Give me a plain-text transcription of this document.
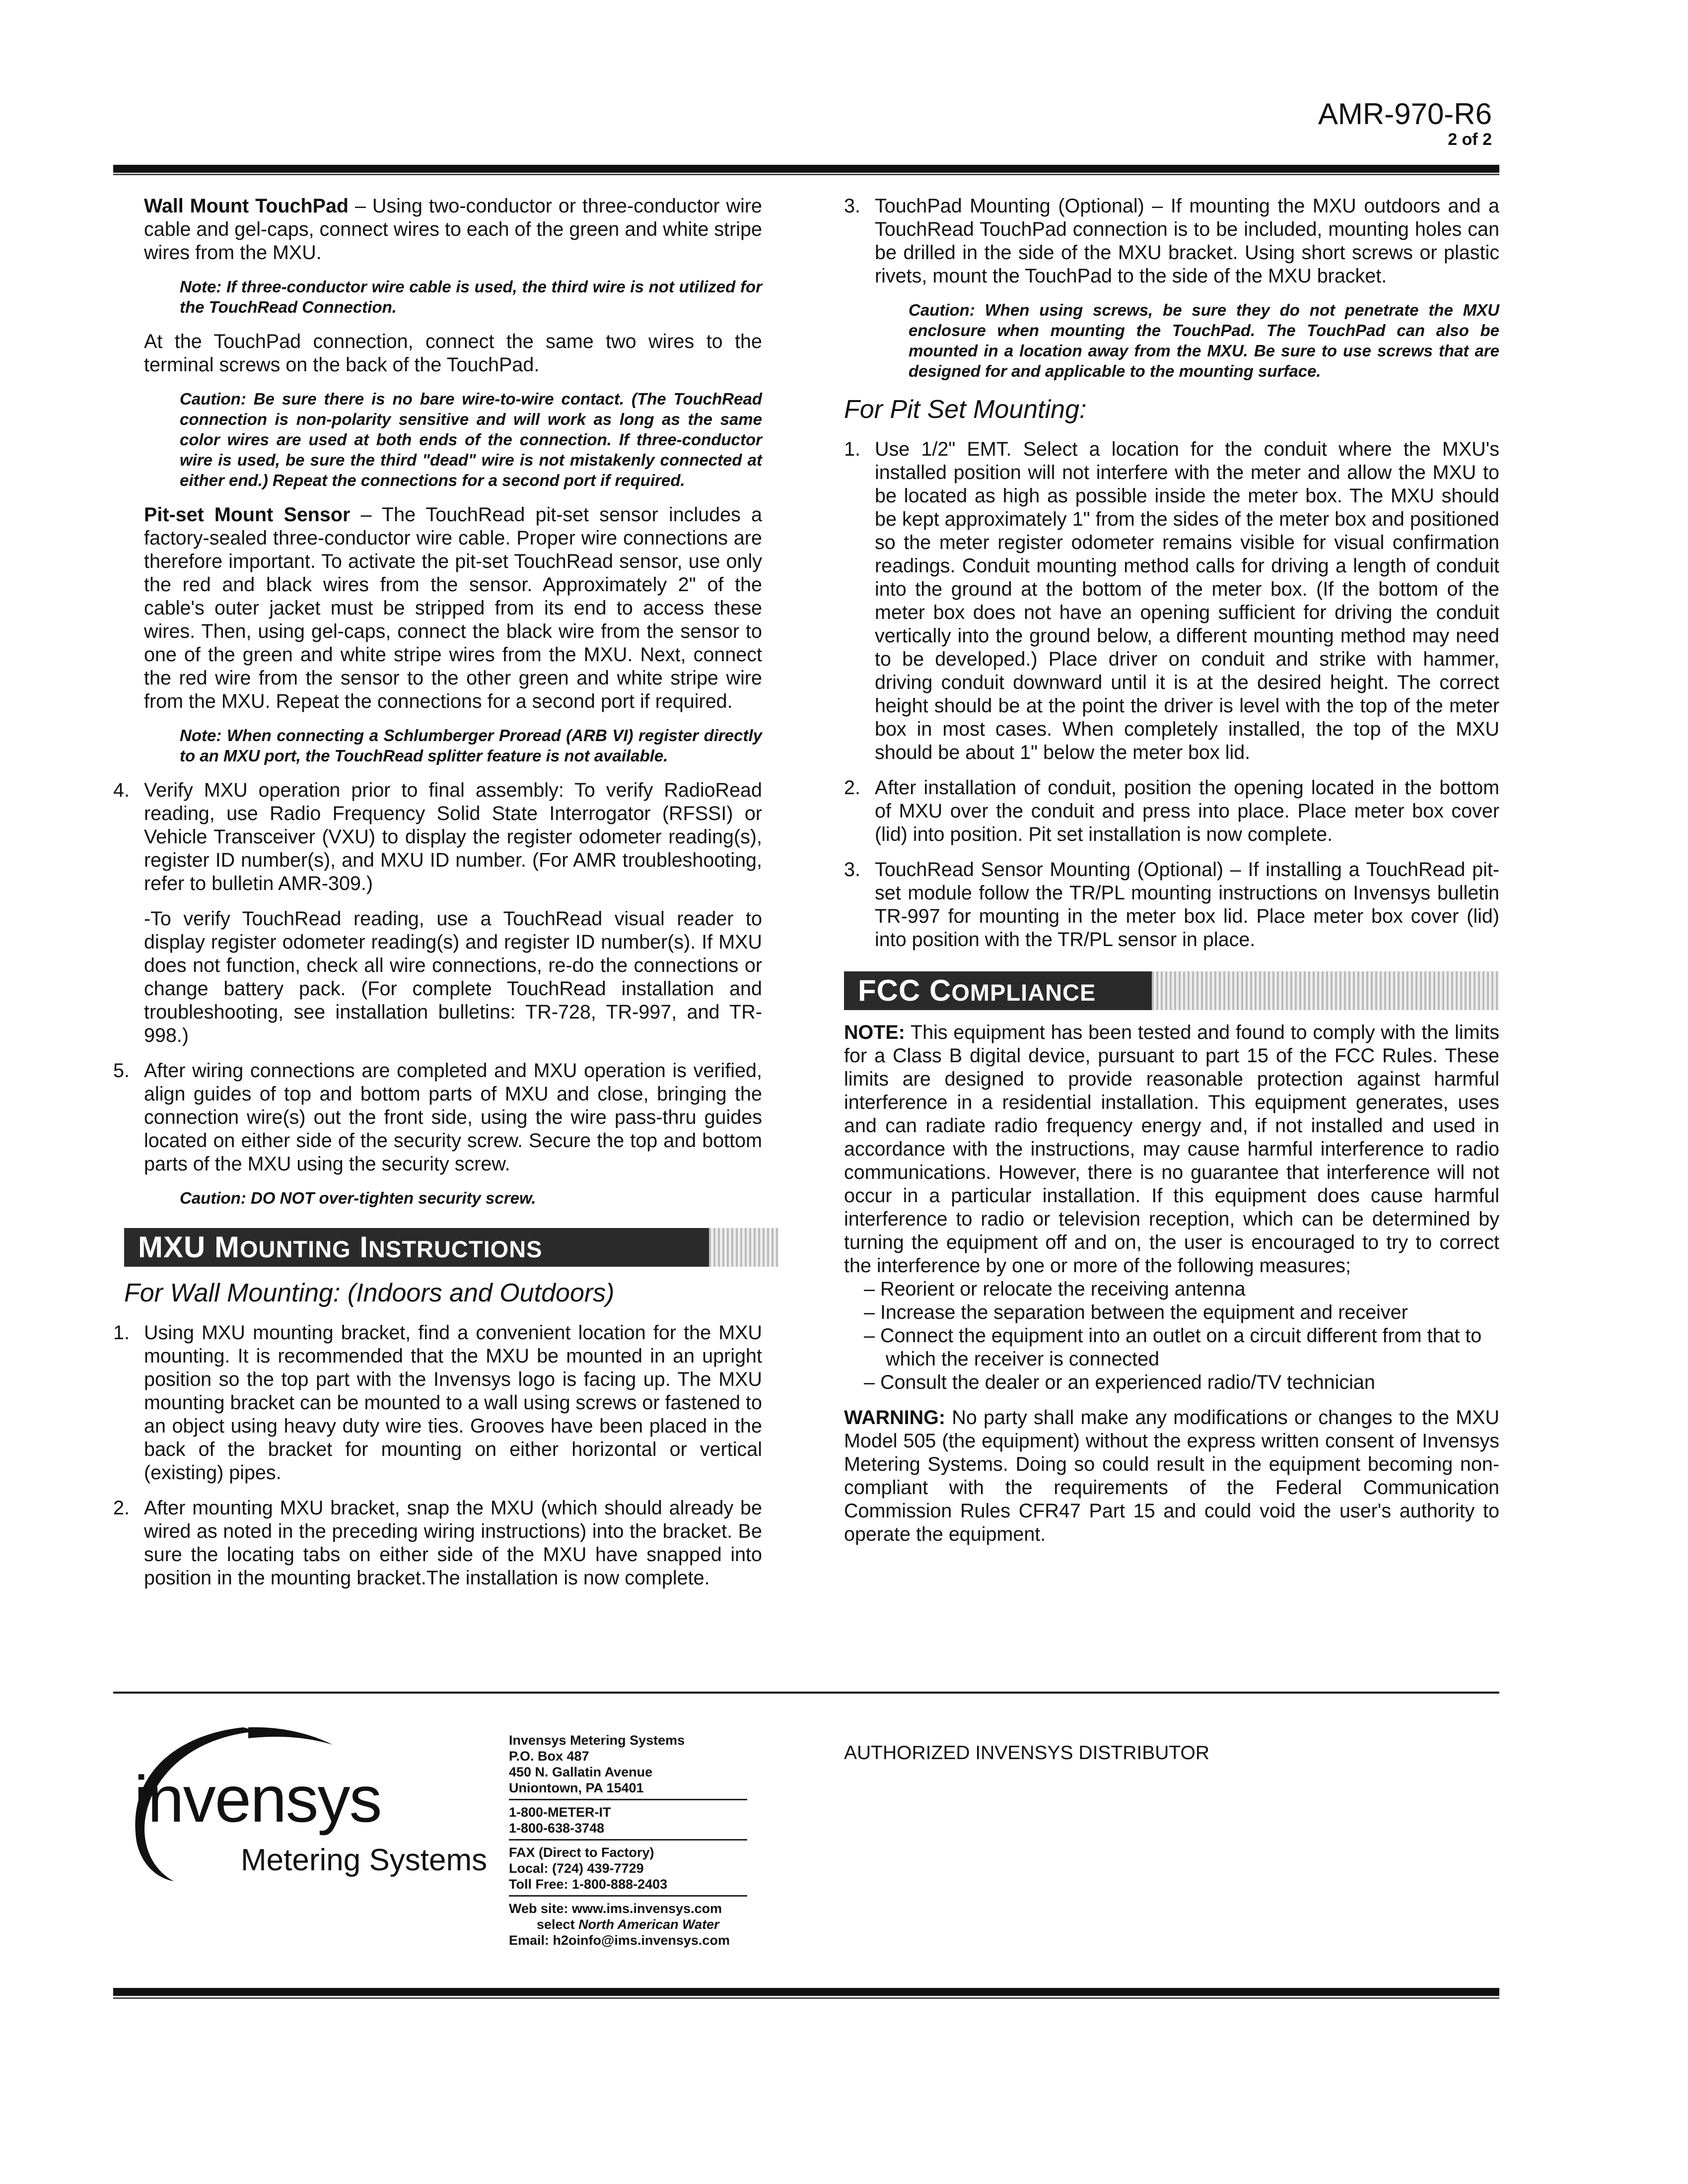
AMR-970-R6
2 of 2

Wall Mount TouchPad – Using two-conductor or three-conductor wire cable and gel-caps, connect wires to each of the green and white stripe wires from the MXU.

Note: If three-conductor wire cable is used, the third wire is not utilized for the TouchRead Connection.

At the TouchPad connection, connect the same two wires to the terminal screws on the back of the TouchPad.

Caution: Be sure there is no bare wire-to-wire contact. (The TouchRead connection is non-polarity sensitive and will work as long as the same color wires are used at both ends of the connection. If three-conductor wire is used, be sure the third "dead" wire is not mistakenly connected at either end.) Repeat the connections for a second port if required.

Pit-set Mount Sensor – The TouchRead pit-set sensor includes a factory-sealed three-conductor wire cable. Proper wire connections are therefore important. To activate the pit-set TouchRead sensor, use only the red and black wires from the sensor. Approximately 2" of the cable's outer jacket must be stripped from its end to access these wires. Then, using gel-caps, connect the black wire from the sensor to one of the green and white stripe wires from the MXU. Next, connect the red wire from the sensor to the other green and white stripe wire from the MXU. Repeat the connections for a second port if required.

Note: When connecting a Schlumberger Proread (ARB VI) register directly to an MXU port, the TouchRead splitter feature is not available.
4. Verify MXU operation prior to final assembly: To verify RadioRead reading, use Radio Frequency Solid State Interrogator (RFSSI) or Vehicle Transceiver (VXU) to display the register odometer reading(s), register ID number(s), and MXU ID number. (For AMR troubleshooting, refer to bulletin AMR-309.)
-To verify TouchRead reading, use a TouchRead visual reader to display register odometer reading(s) and register ID number(s). If MXU does not function, check all wire connections, re-do the connections or change battery pack. (For complete TouchRead installation and troubleshooting, see installation bulletins: TR-728, TR-997, and TR-998.)
5. After wiring connections are completed and MXU operation is verified, align guides of top and bottom parts of MXU and close, bringing the connection wire(s) out the front side, using the wire pass-thru guides located on either side of the security screw. Secure the top and bottom parts of the MXU using the security screw.
Caution: DO NOT over-tighten security screw.
MXU MOUNTING INSTRUCTIONS
For Wall Mounting: (Indoors and Outdoors)
1. Using MXU mounting bracket, find a convenient location for the MXU mounting. It is recommended that the MXU be mounted in an upright position so the top part with the Invensys logo is facing up. The MXU mounting bracket can be mounted to a wall using screws or fastened to an object using heavy duty wire ties. Grooves have been placed in the back of the bracket for mounting on either horizontal or vertical (existing) pipes.
2. After mounting MXU bracket, snap the MXU (which should already be wired as noted in the preceding wiring instructions) into the bracket. Be sure the locating tabs on either side of the MXU have snapped into position in the mounting bracket.The installation is now complete.
3. TouchPad Mounting (Optional) – If mounting the MXU outdoors and a TouchRead TouchPad connection is to be included, mounting holes can be drilled in the side of the MXU bracket. Using short screws or plastic rivets, mount the TouchPad to the side of the MXU bracket.
Caution: When using screws, be sure they do not penetrate the MXU enclosure when mounting the TouchPad. The TouchPad can also be mounted in a location away from the MXU. Be sure to use screws that are designed for and applicable to the mounting surface.
For Pit Set Mounting:
1. Use 1/2" EMT. Select a location for the conduit where the MXU's installed position will not interfere with the meter and allow the MXU to be located as high as possible inside the meter box. The MXU should be kept approximately 1" from the sides of the meter box and positioned so the meter register odometer remains visible for visual confirmation readings. Conduit mounting method calls for driving a length of conduit into the ground at the bottom of the meter box. (If the bottom of the meter box does not have an opening sufficient for driving the conduit vertically into the ground below, a different mounting method may need to be developed.) Place driver on conduit and strike with hammer, driving conduit downward until it is at the desired height. The correct height should be at the point the driver is level with the top of the meter box in most cases. When completely installed, the top of the MXU should be about 1" below the meter box lid.
2. After installation of conduit, position the opening located in the bottom of MXU over the conduit and press into place. Place meter box cover (lid) into position. Pit set installation is now complete.
3. TouchRead Sensor Mounting (Optional) – If installing a TouchRead pit-set module follow the TR/PL mounting instructions on Invensys bulletin TR-997 for mounting in the meter box lid. Place meter box cover (lid) into position with the TR/PL sensor in place.
FCC COMPLIANCE

NOTE: This equipment has been tested and found to comply with the limits for a Class B digital device, pursuant to part 15 of the FCC Rules. These limits are designed to provide reasonable protection against harmful interference in a residential installation. This equipment generates, uses and can radiate radio frequency energy and, if not installed and used in accordance with the instructions, may cause harmful interference to radio communications. However, there is no guarantee that interference will not occur in a particular installation. If this equipment does cause harmful interference to radio or television reception, which can be determined by turning the equipment off and on, the user is encouraged to try to correct the interference by one or more of the following measures;

– Reorient or relocate the receiving antenna
– Increase the separation between the equipment and receiver
– Connect the equipment into an outlet on a circuit different from that to which the receiver is connected
– Consult the dealer or an experienced radio/TV technician

WARNING: No party shall make any modifications or changes to the MXU Model 505 (the equipment) without the express written consent of Invensys Metering Systems. Doing so could result in the equipment becoming non-compliant with the requirements of the Federal Communication Commission Rules CFR47 Part 15 and could void the user's authority to operate the equipment.

invensys
Metering Systems
Invensys Metering Systems
P.O. Box 487
450 N. Gallatin Avenue
Uniontown, PA 15401
1-800-METER-IT
1-800-638-3748
FAX (Direct to Factory)
Local: (724) 439-7729
Toll Free: 1-800-888-2403
Web site: www.ims.invensys.com
select North American Water
Email: h2oinfo@ims.invensys.com
AUTHORIZED INVENSYS DISTRIBUTOR
